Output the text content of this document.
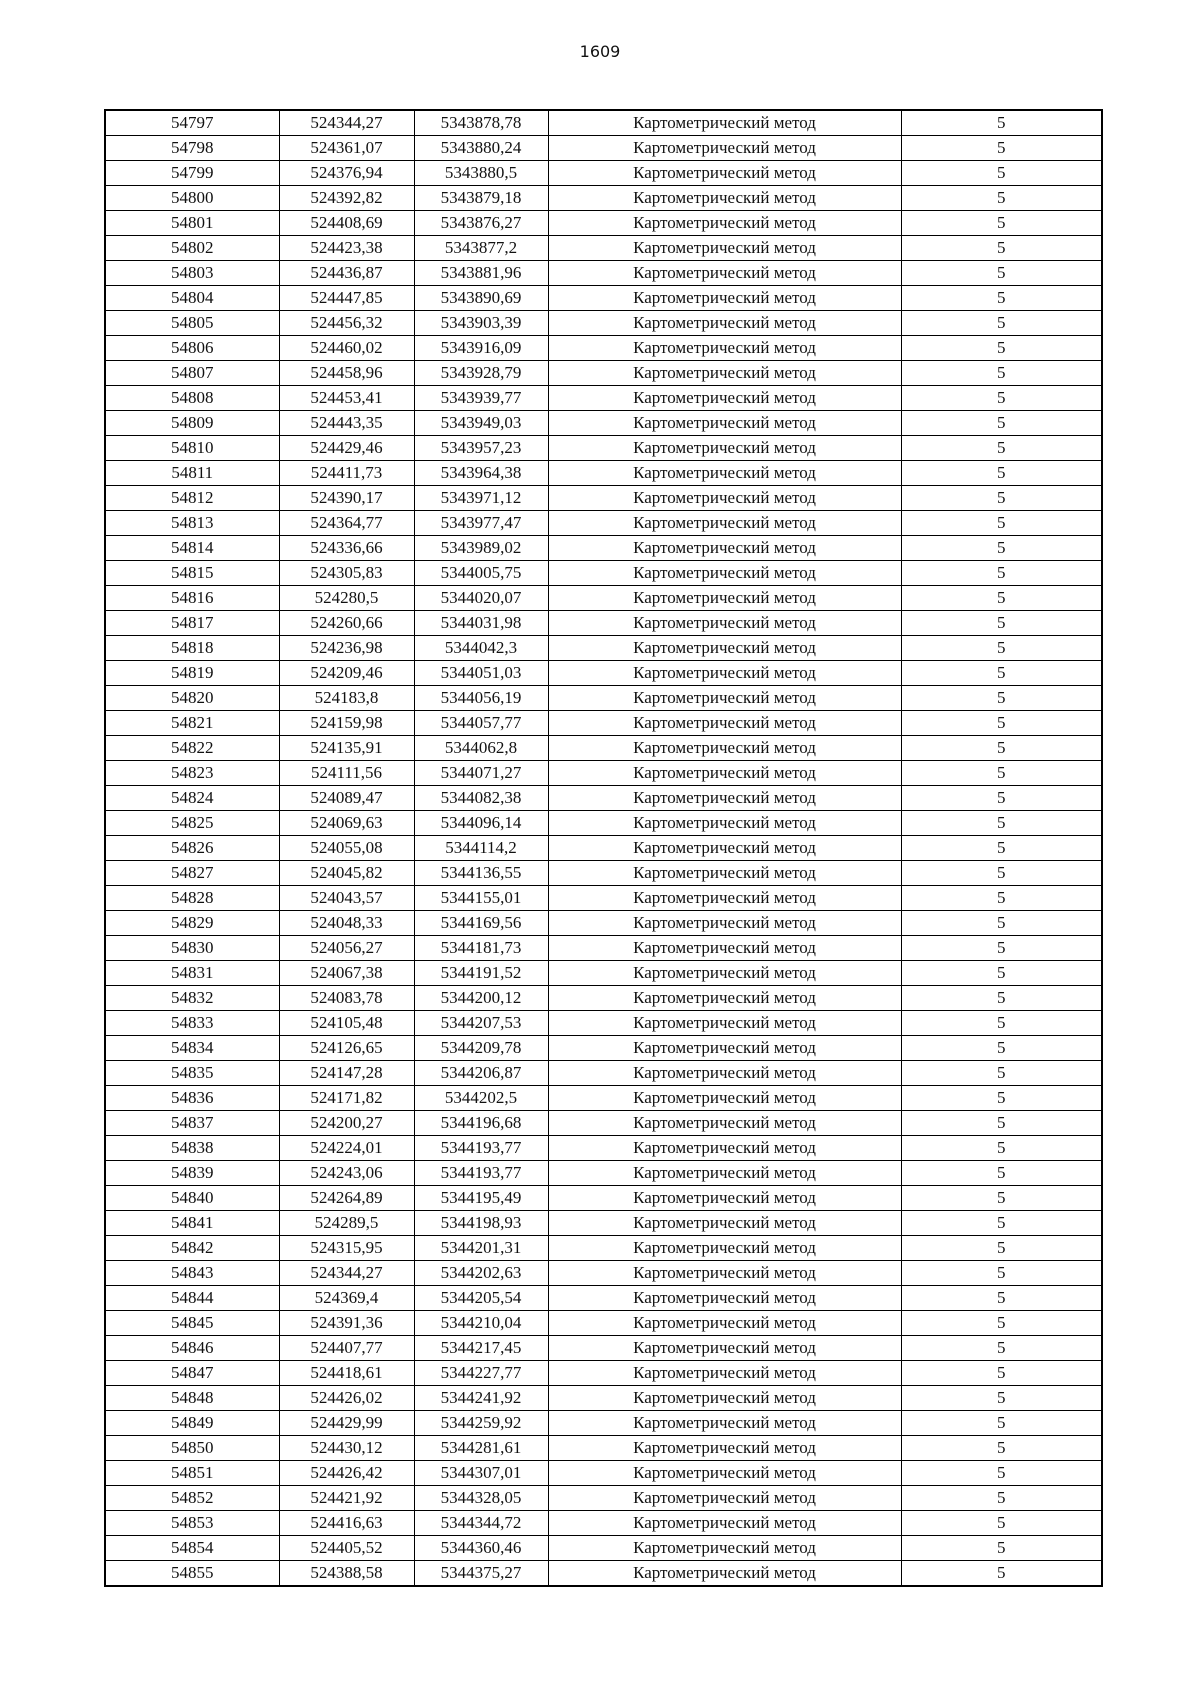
1609
54797	524344,27	5343878,78	Картометрический метод	5
54798	524361,07	5343880,24	Картометрический метод	5
54799	524376,94	5343880,5	Картометрический метод	5
54800	524392,82	5343879,18	Картометрический метод	5
54801	524408,69	5343876,27	Картометрический метод	5
54802	524423,38	5343877,2	Картометрический метод	5
54803	524436,87	5343881,96	Картометрический метод	5
54804	524447,85	5343890,69	Картометрический метод	5
54805	524456,32	5343903,39	Картометрический метод	5
54806	524460,02	5343916,09	Картометрический метод	5
54807	524458,96	5343928,79	Картометрический метод	5
54808	524453,41	5343939,77	Картометрический метод	5
54809	524443,35	5343949,03	Картометрический метод	5
54810	524429,46	5343957,23	Картометрический метод	5
54811	524411,73	5343964,38	Картометрический метод	5
54812	524390,17	5343971,12	Картометрический метод	5
54813	524364,77	5343977,47	Картометрический метод	5
54814	524336,66	5343989,02	Картометрический метод	5
54815	524305,83	5344005,75	Картометрический метод	5
54816	524280,5	5344020,07	Картометрический метод	5
54817	524260,66	5344031,98	Картометрический метод	5
54818	524236,98	5344042,3	Картометрический метод	5
54819	524209,46	5344051,03	Картометрический метод	5
54820	524183,8	5344056,19	Картометрический метод	5
54821	524159,98	5344057,77	Картометрический метод	5
54822	524135,91	5344062,8	Картометрический метод	5
54823	524111,56	5344071,27	Картометрический метод	5
54824	524089,47	5344082,38	Картометрический метод	5
54825	524069,63	5344096,14	Картометрический метод	5
54826	524055,08	5344114,2	Картометрический метод	5
54827	524045,82	5344136,55	Картометрический метод	5
54828	524043,57	5344155,01	Картометрический метод	5
54829	524048,33	5344169,56	Картометрический метод	5
54830	524056,27	5344181,73	Картометрический метод	5
54831	524067,38	5344191,52	Картометрический метод	5
54832	524083,78	5344200,12	Картометрический метод	5
54833	524105,48	5344207,53	Картометрический метод	5
54834	524126,65	5344209,78	Картометрический метод	5
54835	524147,28	5344206,87	Картометрический метод	5
54836	524171,82	5344202,5	Картометрический метод	5
54837	524200,27	5344196,68	Картометрический метод	5
54838	524224,01	5344193,77	Картометрический метод	5
54839	524243,06	5344193,77	Картометрический метод	5
54840	524264,89	5344195,49	Картометрический метод	5
54841	524289,5	5344198,93	Картометрический метод	5
54842	524315,95	5344201,31	Картометрический метод	5
54843	524344,27	5344202,63	Картометрический метод	5
54844	524369,4	5344205,54	Картометрический метод	5
54845	524391,36	5344210,04	Картометрический метод	5
54846	524407,77	5344217,45	Картометрический метод	5
54847	524418,61	5344227,77	Картометрический метод	5
54848	524426,02	5344241,92	Картометрический метод	5
54849	524429,99	5344259,92	Картометрический метод	5
54850	524430,12	5344281,61	Картометрический метод	5
54851	524426,42	5344307,01	Картометрический метод	5
54852	524421,92	5344328,05	Картометрический метод	5
54853	524416,63	5344344,72	Картометрический метод	5
54854	524405,52	5344360,46	Картометрический метод	5
54855	524388,58	5344375,27	Картометрический метод	5
